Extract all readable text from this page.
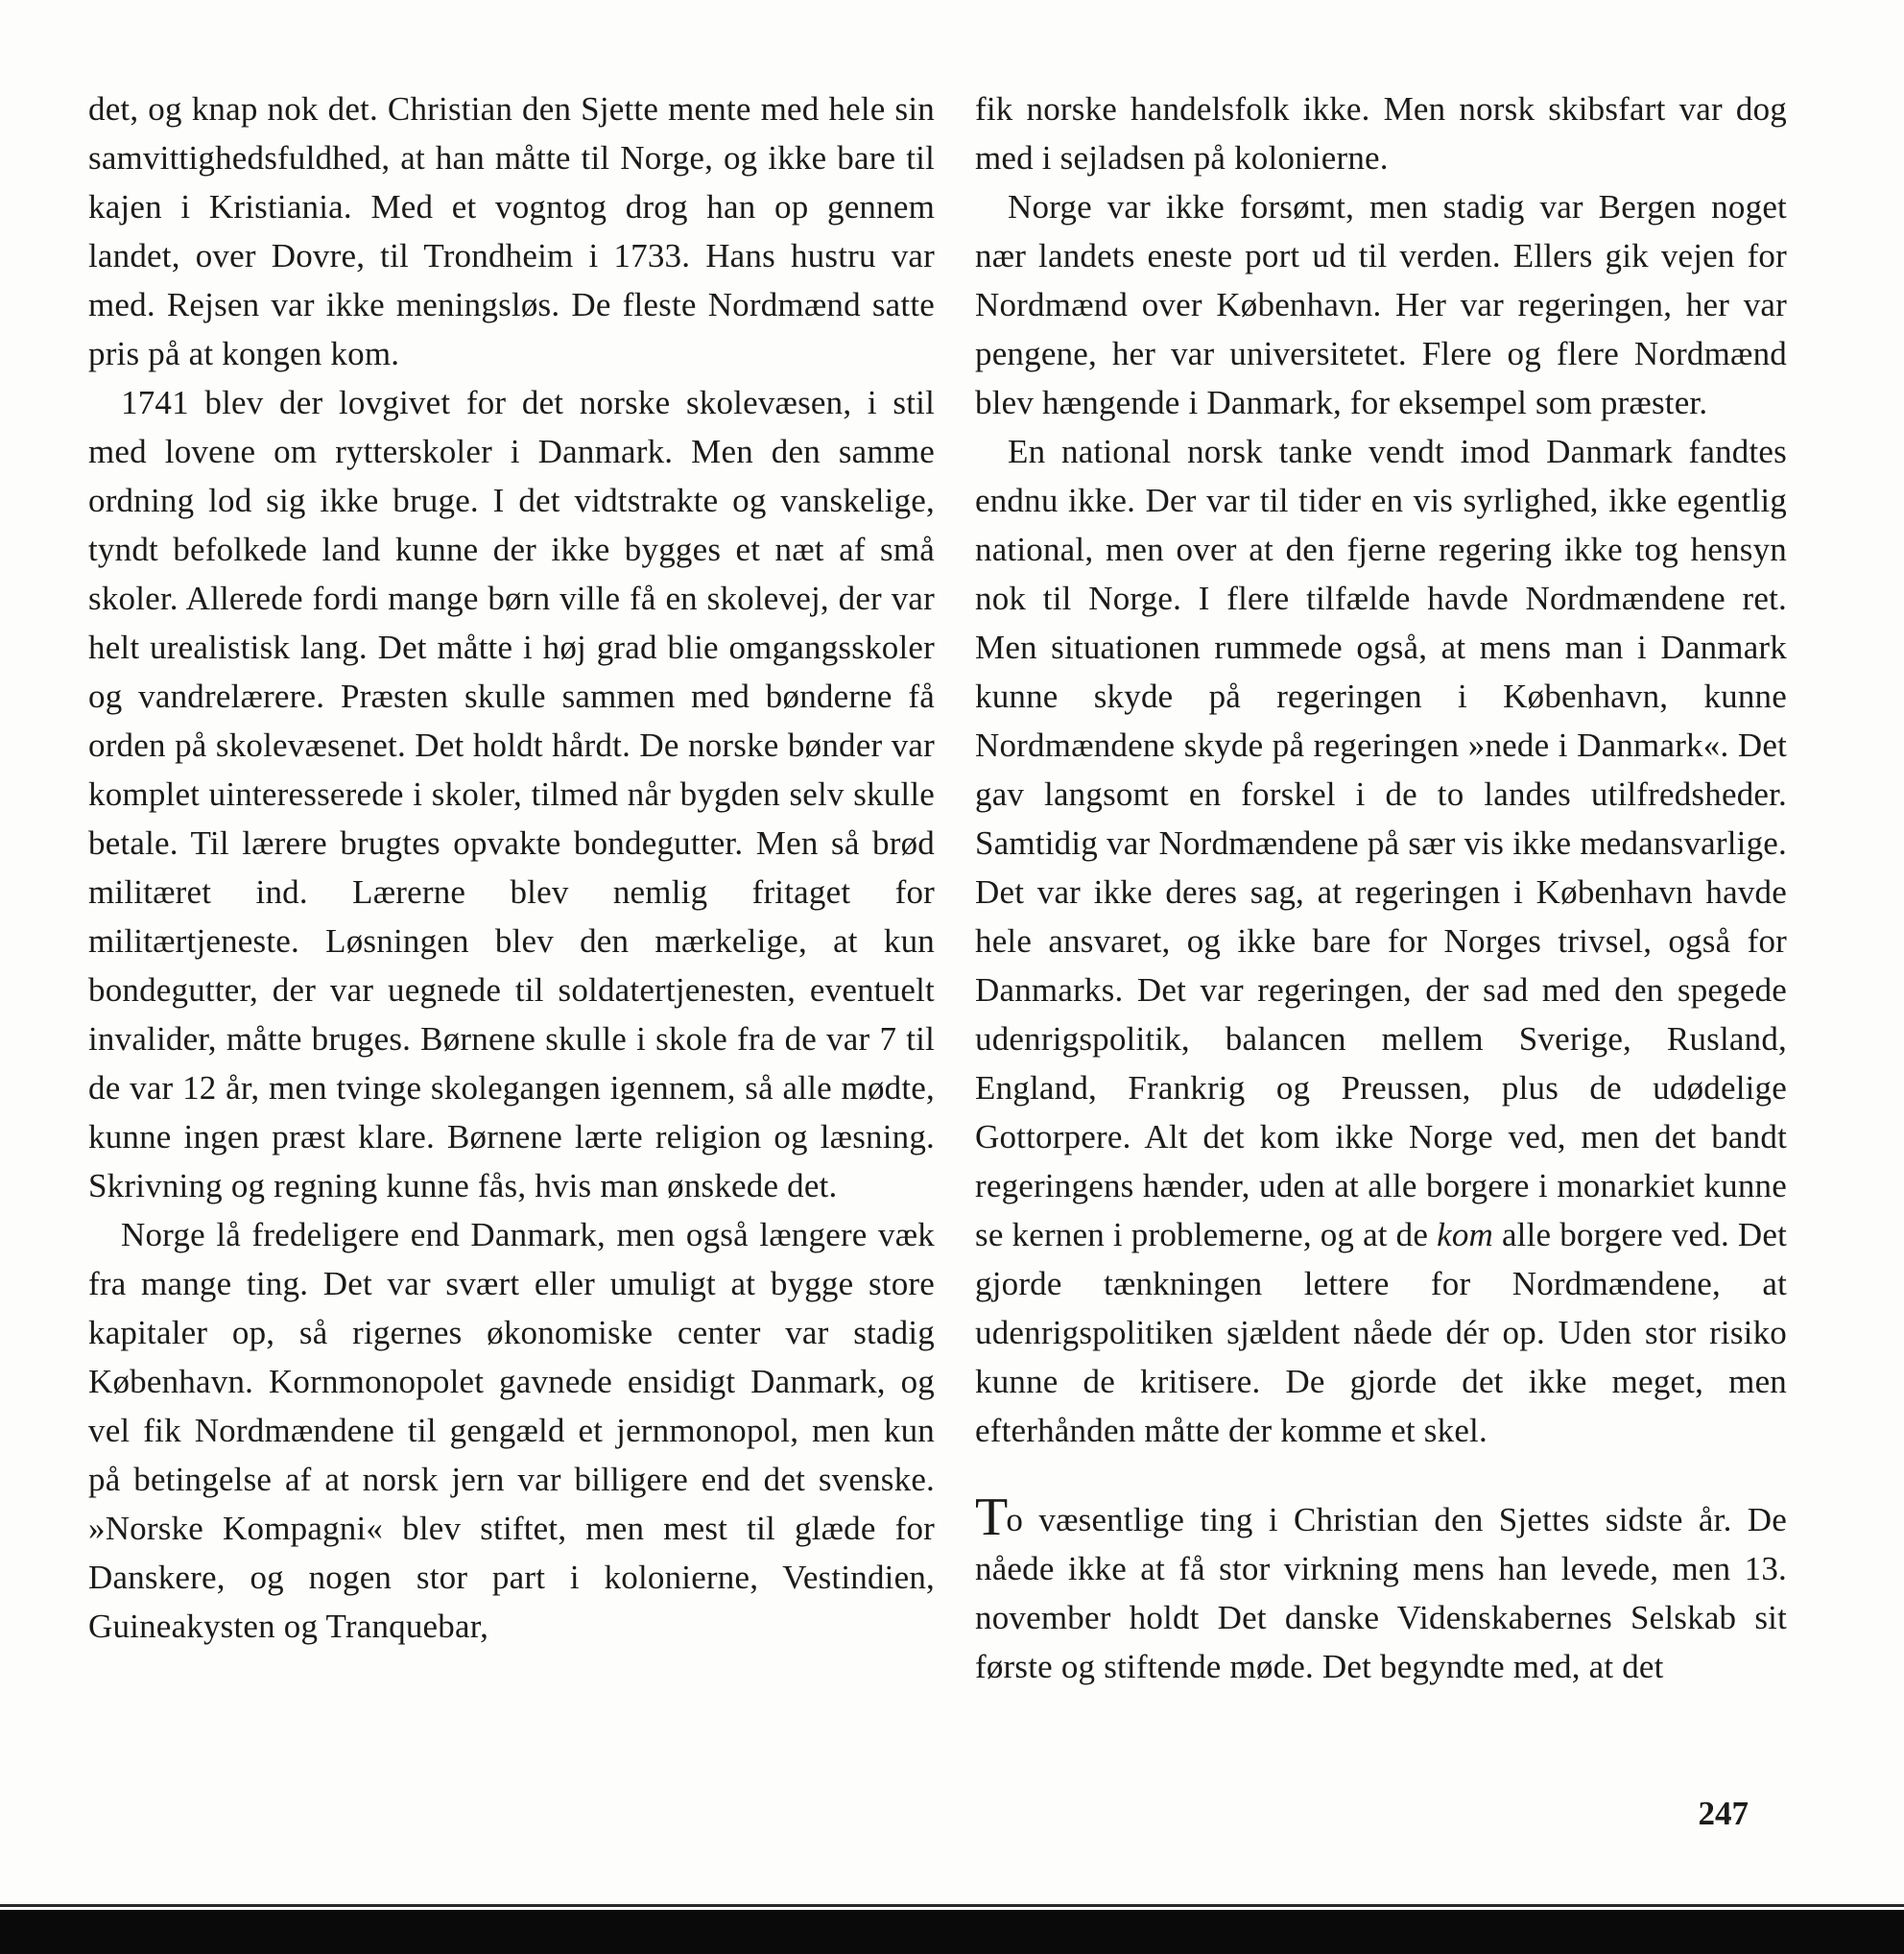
det, og knap nok det. Christian den Sjette mente med hele sin samvittighedsfuldhed, at han måtte til Norge, og ikke bare til kajen i Kristiania. Med et vogntog drog han op gennem landet, over Dovre, til Trondheim i 1733. Hans hustru var med. Rejsen var ikke meningsløs. De fleste Nordmænd satte pris på at kongen kom.

1741 blev der lovgivet for det norske skolevæsen, i stil med lovene om rytterskoler i Danmark. Men den samme ordning lod sig ikke bruge. I det vidtstrakte og vanskelige, tyndt befolkede land kunne der ikke bygges et næt af små skoler. Allerede fordi mange børn ville få en skolevej, der var helt urealistisk lang. Det måtte i høj grad blie omgangsskoler og vandrelærere. Præsten skulle sammen med bønderne få orden på skolevæsenet. Det holdt hårdt. De norske bønder var komplet uinteresserede i skoler, tilmed når bygden selv skulle betale. Til lærere brugtes opvakte bondegutter. Men så brød militæret ind. Lærerne blev nemlig fritaget for militærtjeneste. Løsningen blev den mærkelige, at kun bondegutter, der var uegnede til soldatertjenesten, eventuelt invalider, måtte bruges. Børnene skulle i skole fra de var 7 til de var 12 år, men tvinge skolegangen igennem, så alle mødte, kunne ingen præst klare. Børnene lærte religion og læsning. Skrivning og regning kunne fås, hvis man ønskede det.

Norge lå fredeligere end Danmark, men også længere væk fra mange ting. Det var svært eller umuligt at bygge store kapitaler op, så rigernes økonomiske center var stadig København. Kornmonopolet gavnede ensidigt Danmark, og vel fik Nordmændene til gengæld et jernmonopol, men kun på betingelse af at norsk jern var billigere end det svenske. »Norske Kompagni« blev stiftet, men mest til glæde for Danskere, og nogen stor part i kolonierne, Vestindien, Guineakysten og Tranquebar,

fik norske handelsfolk ikke. Men norsk skibsfart var dog med i sejladsen på kolonierne.

Norge var ikke forsømt, men stadig var Bergen noget nær landets eneste port ud til verden. Ellers gik vejen for Nordmænd over København. Her var regeringen, her var pengene, her var universitetet. Flere og flere Nordmænd blev hængende i Danmark, for eksempel som præster.

En national norsk tanke vendt imod Danmark fandtes endnu ikke. Der var til tider en vis syrlighed, ikke egentlig national, men over at den fjerne regering ikke tog hensyn nok til Norge. I flere tilfælde havde Nordmændene ret. Men situationen rummede også, at mens man i Danmark kunne skyde på regeringen i København, kunne Nordmændene skyde på regeringen »nede i Danmark«. Det gav langsomt en forskel i de to landes utilfredsheder. Samtidig var Nordmændene på sær vis ikke medansvarlige. Det var ikke deres sag, at regeringen i København havde hele ansvaret, og ikke bare for Norges trivsel, også for Danmarks. Det var regeringen, der sad med den spegede udenrigspolitik, balancen mellem Sverige, Rusland, England, Frankrig og Preussen, plus de udødelige Gottorpere. Alt det kom ikke Norge ved, men det bandt regeringens hænder, uden at alle borgere i monarkiet kunne se kernen i problemerne, og at de kom alle borgere ved. Det gjorde tænkningen lettere for Nordmændene, at udenrigspolitiken sjældent nåede dér op. Uden stor risiko kunne de kritisere. De gjorde det ikke meget, men efterhånden måtte der komme et skel.

To væsentlige ting i Christian den Sjettes sidste år. De nåede ikke at få stor virkning mens han levede, men 13. november holdt Det danske Videnskabernes Selskab sit første og stiftende møde. Det begyndte med, at det

247
